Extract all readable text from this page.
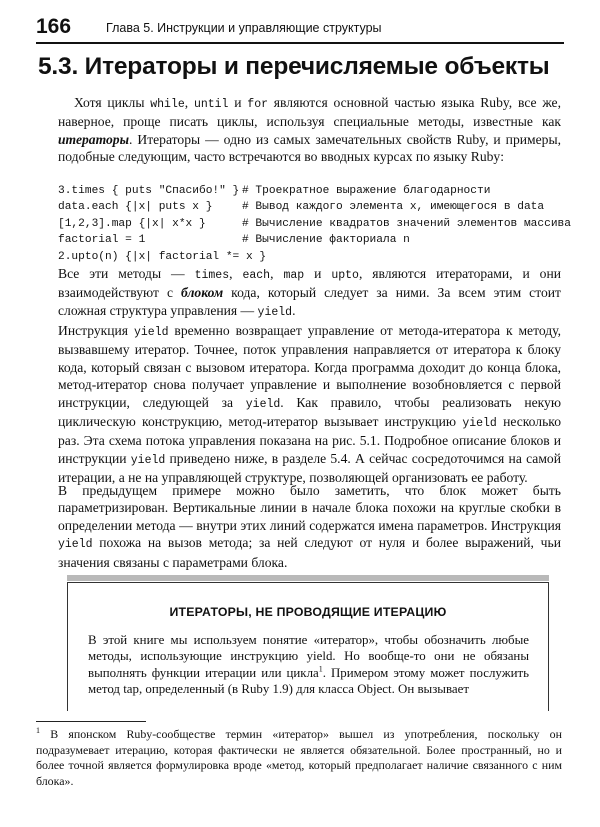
166	Глава 5. Инструкции и управляющие структуры
5.3. Итераторы и перечисляемые объекты

Хотя циклы while, until и for являются основной частью языка Ruby, все же, наверное, проще писать циклы, используя специальные методы, известные как итераторы. Итераторы — одно из самых замечательных свойств Ruby, и примеры, подобные следующим, часто встречаются во вводных курсах по языку Ruby:

3.times { puts "Спасибо!" } # Троекратное выражение благодарности
data.each {|x| puts x }	# Вывод каждого элемента x, имеющегося в data
[1,2,3].map {|x| x*x }	# Вычисление квадратов значений элементов массива
factorial = 1	# Вычисление факториала n
2.upto(n) {|x| factorial *= x }

Все эти методы — times, each, map и upto, являются итераторами, и они взаимодействуют с блоком кода, который следует за ними. За всем этим стоит сложная структура управления — yield.

Инструкция yield временно возвращает управление от метода-итератора к методу, вызвавшему итератор. Точнее, поток управления направляется от итератора к блоку кода, который связан с вызовом итератора. Когда программа доходит до конца блока, метод-итератор снова получает управление и выполнение возобновляется с первой инструкции, следующей за yield. Как правило, чтобы реализовать некую циклическую конструкцию, метод-итератор вызывает инструкцию yield несколько раз. Эта схема потока управления показана на рис. 5.1. Подробное описание блоков и инструкции yield приведено ниже, в разделе 5.4. А сейчас сосредоточимся на самой итерации, а не на управляющей структуре, позволяющей организовать ее работу.

В предыдущем примере можно было заметить, что блок может быть параметризирован. Вертикальные линии в начале блока похожи на круглые скобки в определении метода — внутри этих линий содержатся имена параметров. Инструкция yield похожа на вызов метода; за ней следуют от нуля и более выражений, чьи значения связаны с параметрами блока.

ИТЕРАТОРЫ, НЕ ПРОВОДЯЩИЕ ИТЕРАЦИЮ

В этой книге мы используем понятие «итератор», чтобы обозначить любые методы, использующие инструкцию yield. Но вообще-то они не обязаны выполнять функции итерации или цикла$^1$. Примером этому может послужить метод tap, определенный (в Ruby 1.9) для класса Object. Он вызывает

$^1$ В японском Ruby-сообществе термин «итератор» вышел из употребления, поскольку он подразумевает итерацию, которая фактически не является обязательной. Более пространный, но и более точной является формулировка вроде «метод, который предполагает наличие связанного с ним блока».
